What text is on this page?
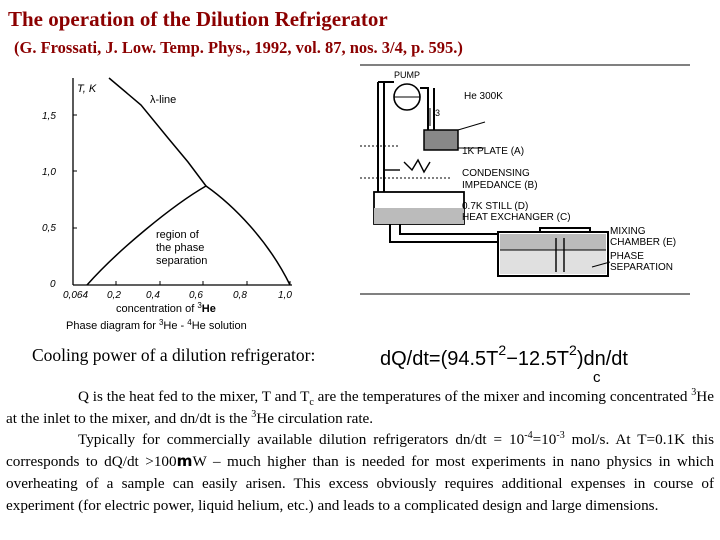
The operation of the Dilution Refrigerator
(G. Frossati, J. Low. Temp. Phys., 1992, vol. 87, nos. 3/4, p. 595.)
T, K
λ-line
1,5
1,0
0,5
0
0,064 0,2	0,4	0,6	0,8	1,0
region of
the phase
separation
concentration of $^3$He
Phase diagram for $^3$He - $^4$He solution
PUMP
He 300K
3
1K PLATE (A)
CONDENSING
IMPEDANCE (B)
0.7K STILL (D)
HEAT EXCHANGER (C)
MIXING
CHAMBER (E)
PHASE
SEPARATION
Cooling power of a dilution refrigerator:	$dQ/dt=(94.5T^2-12.5T^2)dn/dt$
c

Q is the heat fed to the mixer, T and $T_c$ are the temperatures of the mixer and incoming concentrated $^3$He at the inlet to the mixer, and dn/dt is the $^3$He circulation rate.

Typically for commercially available dilution refrigerators $dn/dt = 10^{-4}=10^{-3}$ mol/s. At T=0.1K this corresponds to dQ/dt >100mW – much higher than is needed for most experiments in nano physics in which overheating of a sample can easily arisen. This excess obviously requires additional expenses in course of experiment (for electric power, liquid helium, etc.) and leads to a complicated design and large dimensions.
